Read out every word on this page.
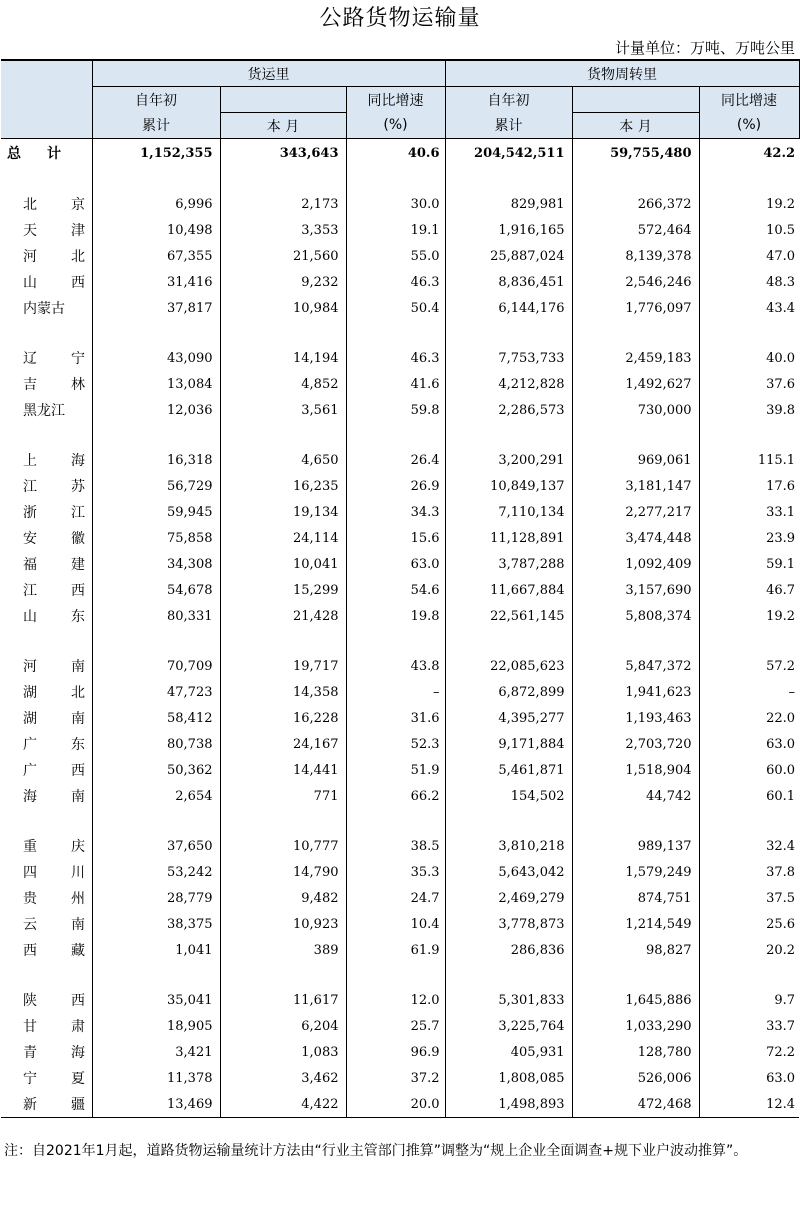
公路货物运输量
计量单位：万吨、万吨公里
	货运里			货物周转里		
	自年初		同比增速	自年初		同比增速
	累计	本 月	(%)	累计	本 月	(%)
总　计	1,152,355	343,643	40.6	204,542,511	59,755,480	42.2

北京	6,996	2,173	30.0	829,981	266,372	19.2
天津	10,498	3,353	19.1	1,916,165	572,464	10.5
河北	67,355	21,560	55.0	25,887,024	8,139,378	47.0
山西	31,416	9,232	46.3	8,836,451	2,546,246	48.3
内蒙古	37,817	10,984	50.4	6,144,176	1,776,097	43.4

辽宁	43,090	14,194	46.3	7,753,733	2,459,183	40.0
吉林	13,084	4,852	41.6	4,212,828	1,492,627	37.6
黑龙江	12,036	3,561	59.8	2,286,573	730,000	39.8

上海	16,318	4,650	26.4	3,200,291	969,061	115.1
江苏	56,729	16,235	26.9	10,849,137	3,181,147	17.6
浙江	59,945	19,134	34.3	7,110,134	2,277,217	33.1
安徽	75,858	24,114	15.6	11,128,891	3,474,448	23.9
福建	34,308	10,041	63.0	3,787,288	1,092,409	59.1
江西	54,678	15,299	54.6	11,667,884	3,157,690	46.7
山东	80,331	21,428	19.8	22,561,145	5,808,374	19.2

河南	70,709	19,717	43.8	22,085,623	5,847,372	57.2
湖北	47,723	14,358	–	6,872,899	1,941,623	–
湖南	58,412	16,228	31.6	4,395,277	1,193,463	22.0
广东	80,738	24,167	52.3	9,171,884	2,703,720	63.0
广西	50,362	14,441	51.9	5,461,871	1,518,904	60.0
海南	2,654	771	66.2	154,502	44,742	60.1

重庆	37,650	10,777	38.5	3,810,218	989,137	32.4
四川	53,242	14,790	35.3	5,643,042	1,579,249	37.8
贵州	28,779	9,482	24.7	2,469,279	874,751	37.5
云南	38,375	10,923	10.4	3,778,873	1,214,549	25.6
西藏	1,041	389	61.9	286,836	98,827	20.2

陕西	35,041	11,617	12.0	5,301,833	1,645,886	9.7
甘肃	18,905	6,204	25.7	3,225,764	1,033,290	33.7
青海	3,421	1,083	96.9	405,931	128,780	72.2
宁夏	11,378	3,462	37.2	1,808,085	526,006	63.0
新疆	13,469	4,422	20.0	1,498,893	472,468	12.4
注：自2021年1月起，道路货物运输量统计方法由“行业主管部门推算”调整为“规上企业全面调查+规下业户波动推算”。
